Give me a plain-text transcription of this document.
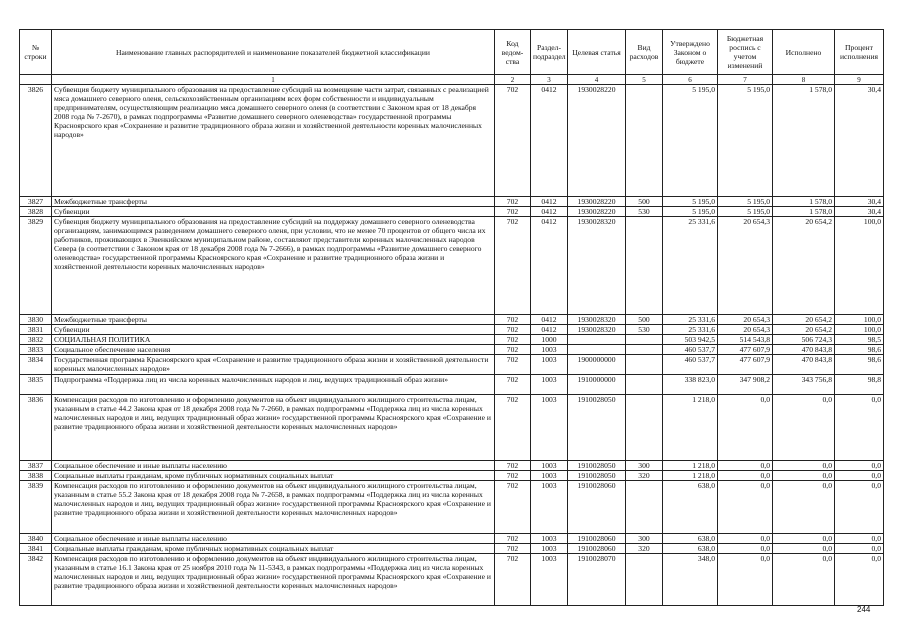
№ строки	Наименование главных распорядителей и наименование показателей бюджетной классификации	Код ведом-ства	Раздел-подраздел	Целевая статья	Вид расходов	Утверждено Законом о бюджете	Бюджетная роспись с учетом изменений	Исполнено	Процент исполнения
	1	2	3	4	5	6	7	8	9
3826	Субвенция бюджету муниципального образования на предоставление субсидий на возмещение части затрат, связанных с реализацией мяса домашнего северного оленя, сельскохозяйственным организациям всех форм собственности и индивидуальным предпринимателям, осуществляющим реализацию мяса домашнего северного оленя (в соответствии с Законом края от 18 декабря 2008 года № 7-2670), в рамках подпрограммы «Развитие домашнего северного оленеводства» государственной программы Красноярского края «Сохранение и развитие традиционного образа жизни и хозяйственной деятельности коренных малочисленных народов»	702	0412	1930028220		5 195,0	5 195,0	1 578,0	30,4
3827	Межбюджетные трансферты	702	0412	1930028220	500	5 195,0	5 195,0	1 578,0	30,4
3828	Субвенции	702	0412	1930028220	530	5 195,0	5 195,0	1 578,0	30,4
3829	Субвенция бюджету муниципального образования на предоставление субсидий на поддержку домашнего северного оленеводства организациям, занимающимся разведением домашнего северного оленя, при условии, что не менее 70 процентов от общего числа их работников, проживающих в Эвенкийском муниципальном районе, составляют представители коренных малочисленных народов Севера (в соответствии с Законом края от 18 декабря 2008 года № 7-2666), в рамках подпрограммы «Развитие домашнего северного оленеводства» государственной программы Красноярского края «Сохранение и развитие традиционного образа жизни и хозяйственной деятельности коренных малочисленных народов»	702	0412	1930028320		25 331,6	20 654,3	20 654,2	100,0
3830	Межбюджетные трансферты	702	0412	1930028320	500	25 331,6	20 654,3	20 654,2	100,0
3831	Субвенции	702	0412	1930028320	530	25 331,6	20 654,3	20 654,2	100,0
3832	СОЦИАЛЬНАЯ ПОЛИТИКА	702	1000			503 942,5	514 543,8	506 724,3	98,5
3833	Социальное обеспечение населения	702	1003			460 537,7	477 607,9	470 843,8	98,6
3834	Государственная программа Красноярского края «Сохранение и развитие традиционного образа жизни и хозяйственной деятельности коренных малочисленных народов»	702	1003	1900000000		460 537,7	477 607,9	470 843,8	98,6
3835	Подпрограмма «Поддержка лиц из числа коренных малочисленных народов и лиц, ведущих традиционный образ жизни»	702	1003	1910000000		338 823,0	347 908,2	343 756,8	98,8
3836	Компенсация расходов по изготовлению и оформлению документов на объект индивидуального жилищного строительства лицам, указанным в статье 44.2 Закона края от 18 декабря 2008 года № 7-2660, в рамках подпрограммы «Поддержка лиц из числа коренных малочисленных народов и лиц, ведущих традиционный образ жизни» государственной программы Красноярского края «Сохранение и развитие традиционного образа жизни и хозяйственной деятельности коренных малочисленных народов»	702	1003	1910028050		1 218,0	0,0	0,0	0,0
3837	Социальное обеспечение и иные выплаты населению	702	1003	1910028050	300	1 218,0	0,0	0,0	0,0
3838	Социальные выплаты гражданам, кроме публичных нормативных социальных выплат	702	1003	1910028050	320	1 218,0	0,0	0,0	0,0
3839	Компенсация расходов по изготовлению и оформлению документов на объект индивидуального жилищного строительства лицам, указанным в статье 55.2 Закона края от 18 декабря 2008 года № 7-2658, в рамках подпрограммы «Поддержка лиц из числа коренных малочисленных народов и лиц, ведущих традиционный образ жизни» государственной программы Красноярского края «Сохранение и развитие традиционного образа жизни и хозяйственной деятельности коренных малочисленных народов»	702	1003	1910028060		638,0	0,0	0,0	0,0
3840	Социальное обеспечение и иные выплаты населению	702	1003	1910028060	300	638,0	0,0	0,0	0,0
3841	Социальные выплаты гражданам, кроме публичных нормативных социальных выплат	702	1003	1910028060	320	638,0	0,0	0,0	0,0
3842	Компенсация расходов по изготовлению и оформлению документов на объект индивидуального жилищного строительства лицам, указанным в статье 16.1 Закона края от 25 ноября 2010 года № 11-5343, в рамках подпрограммы «Поддержка лиц из числа коренных малочисленных народов и лиц, ведущих традиционный образ жизни» государственной программы Красноярского края «Сохранение и развитие традиционного образа жизни и хозяйственной деятельности коренных малочисленных народов»	702	1003	1910028070		348,0	0,0	0,0	0,0
244
